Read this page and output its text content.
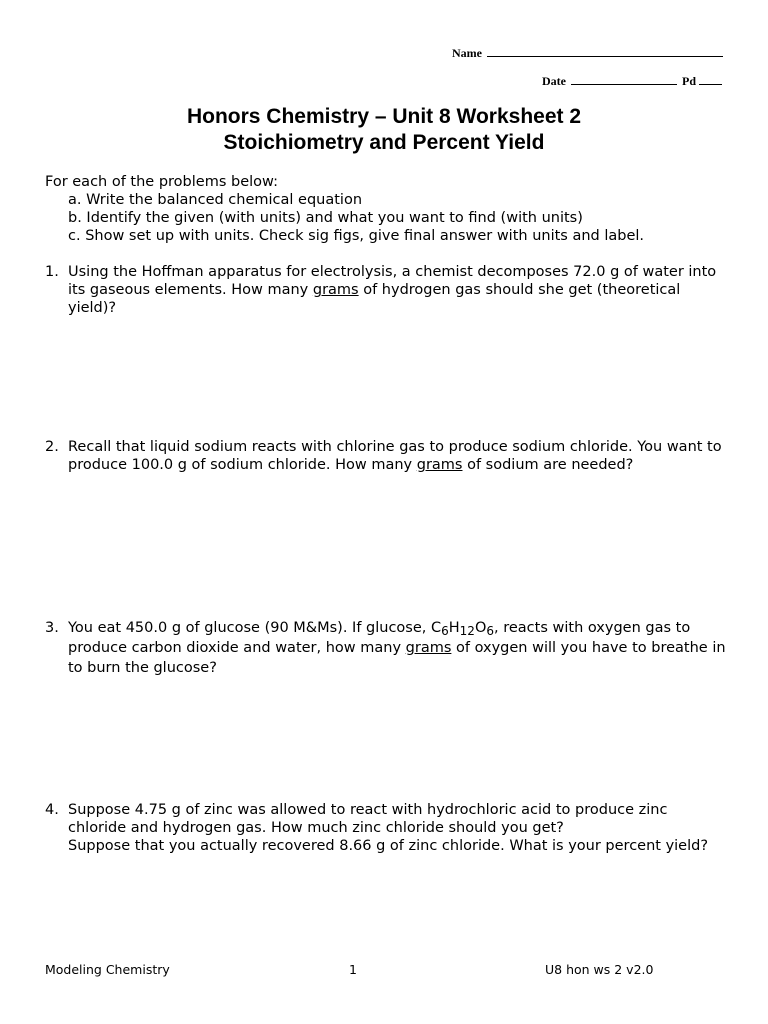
Name
Date	Pd
Honors Chemistry – Unit 8 Worksheet 2
Stoichiometry and Percent Yield
For each of the problems below:
a. Write the balanced chemical equation
b. Identify the given (with units) and what you want to find (with units)
c. Show set up with units. Check sig figs, give final answer with units and label.
1. Using the Hoffman apparatus for electrolysis, a chemist decomposes 72.0 g of water into its gaseous elements. How many grams of hydrogen gas should she get (theoretical yield)?
2. Recall that liquid sodium reacts with chlorine gas to produce sodium chloride. You want to produce 100.0 g of sodium chloride. How many grams of sodium are needed?
3. You eat 450.0 g of glucose (90 M&Ms). If glucose, $C_6H_{12}O_6$, reacts with oxygen gas to produce carbon dioxide and water, how many grams of oxygen will you have to breathe in to burn the glucose?
4. Suppose 4.75 g of zinc was allowed to react with hydrochloric acid to produce zinc chloride and hydrogen gas. How much zinc chloride should you get?
Suppose that you actually recovered 8.66 g of zinc chloride. What is your percent yield?
Modeling Chemistry	1	U8 hon ws 2 v2.0
